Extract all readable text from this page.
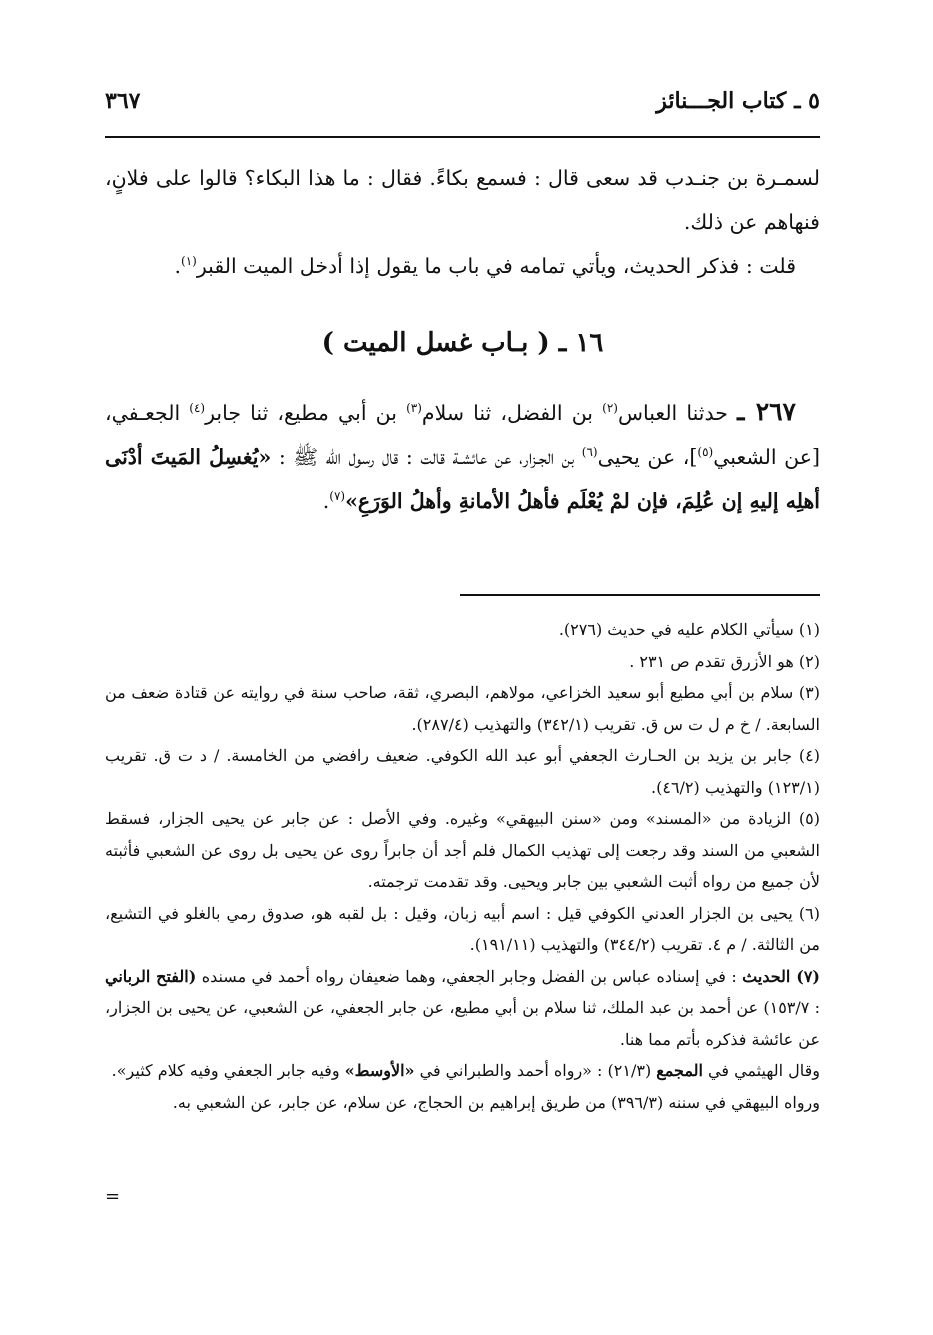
٥ ـ كتاب الجـــنائز
٣٦٧

لسمـرة بن جنـدب قد سعى قال : فسمع بكاءً. فقال : ما هذا البكاء؟ قالوا على فلانٍ، فنهاهم عن ذلك.

قلت : فذكر الحديث، ويأتي تمامه في باب ما يقول إذا أدخل الميت القبر$^{(١)}$.

١٦ ـ ( بـاب غسل الميت )

٢٦٧ ـ حدثنا العباس$^{(٢)}$ بن الفضل، ثنا سلام$^{(٣)}$ بن أبي مطيع، ثنا جابر$^{(٤)}$ الجعـفي، [عن الشعبي$^{(٥)}$]، عن يحيى$^{(٦)}$ بن الجـزار، عن عائشـة قالت : قال رسول الله ﷺ : «يُغسِلُ المَيتَ أدْنَى أهلِه إليهِ إن عُلِمَ، فإن لمْ يُعْلَم فأهلُ الأمانةِ وأهلُ الوَرَعِ»$^{(٧)}$.

(١) سيأتي الكلام عليه في حديث (٢٧٦).

(٢) هو الأزرق تقدم ص ٢٣١ .

(٣) سلام بن أبي مطيع أبو سعيد الخزاعي، مولاهم، البصري، ثقة، صاحب سنة في روايته عن قتادة ضعف من السابعة. / خ م ل ت س ق. تقريب (٣٤٢/١) والتهذيب (٢٨٧/٤).

(٤) جابر بن يزيد بن الحـارث الجعفي أبو عبد الله الكوفي. ضعيف رافضي من الخامسة. / د ت ق. تقريب (١٢٣/١) والتهذيب (٤٦/٢).

(٥) الزيادة من «المسند» ومن «سنن البيهقي» وغيره. وفي الأصل : عن جابر عن يحيى الجزار، فسقط الشعبي من السند وقد رجعت إلى تهذيب الكمال فلم أجد أن جابراً روى عن يحيى بل روى عن الشعبي فأثبته لأن جميع من رواه أثبت الشعبي بين جابر ويحيى. وقد تقدمت ترجمته.

(٦) يحيى بن الجزار العدني الكوفي قيل : اسم أبيه زبان، وقيل : بل لقبه هو، صدوق رمي بالغلو في التشيع، من الثالثة. / م ٤. تقريب (٣٤٤/٢) والتهذيب (١٩١/١١).

(٧) الحديث : في إسناده عباس بن الفضل وجابر الجعفي، وهما ضعيفان رواه أحمد في مسنده (الفتح الرباني : ١٥٣/٧) عن أحمد بن عبد الملك، ثنا سلام بن أبي مطيع، عن جابر الجعفي، عن الشعبي، عن يحيى بن الجزار، عن عائشة فذكره بأتم مما هنا.

وقال الهيثمي في المجمع (٢١/٣) : «رواه أحمد والطبراني في «الأوسط» وفيه جابر الجعفي وفيه كلام كثير».

ورواه البيهقي في سننه (٣٩٦/٣) من طريق إبراهيم بن الحجاج، عن سلام، عن جابر، عن الشعبي به.

=
